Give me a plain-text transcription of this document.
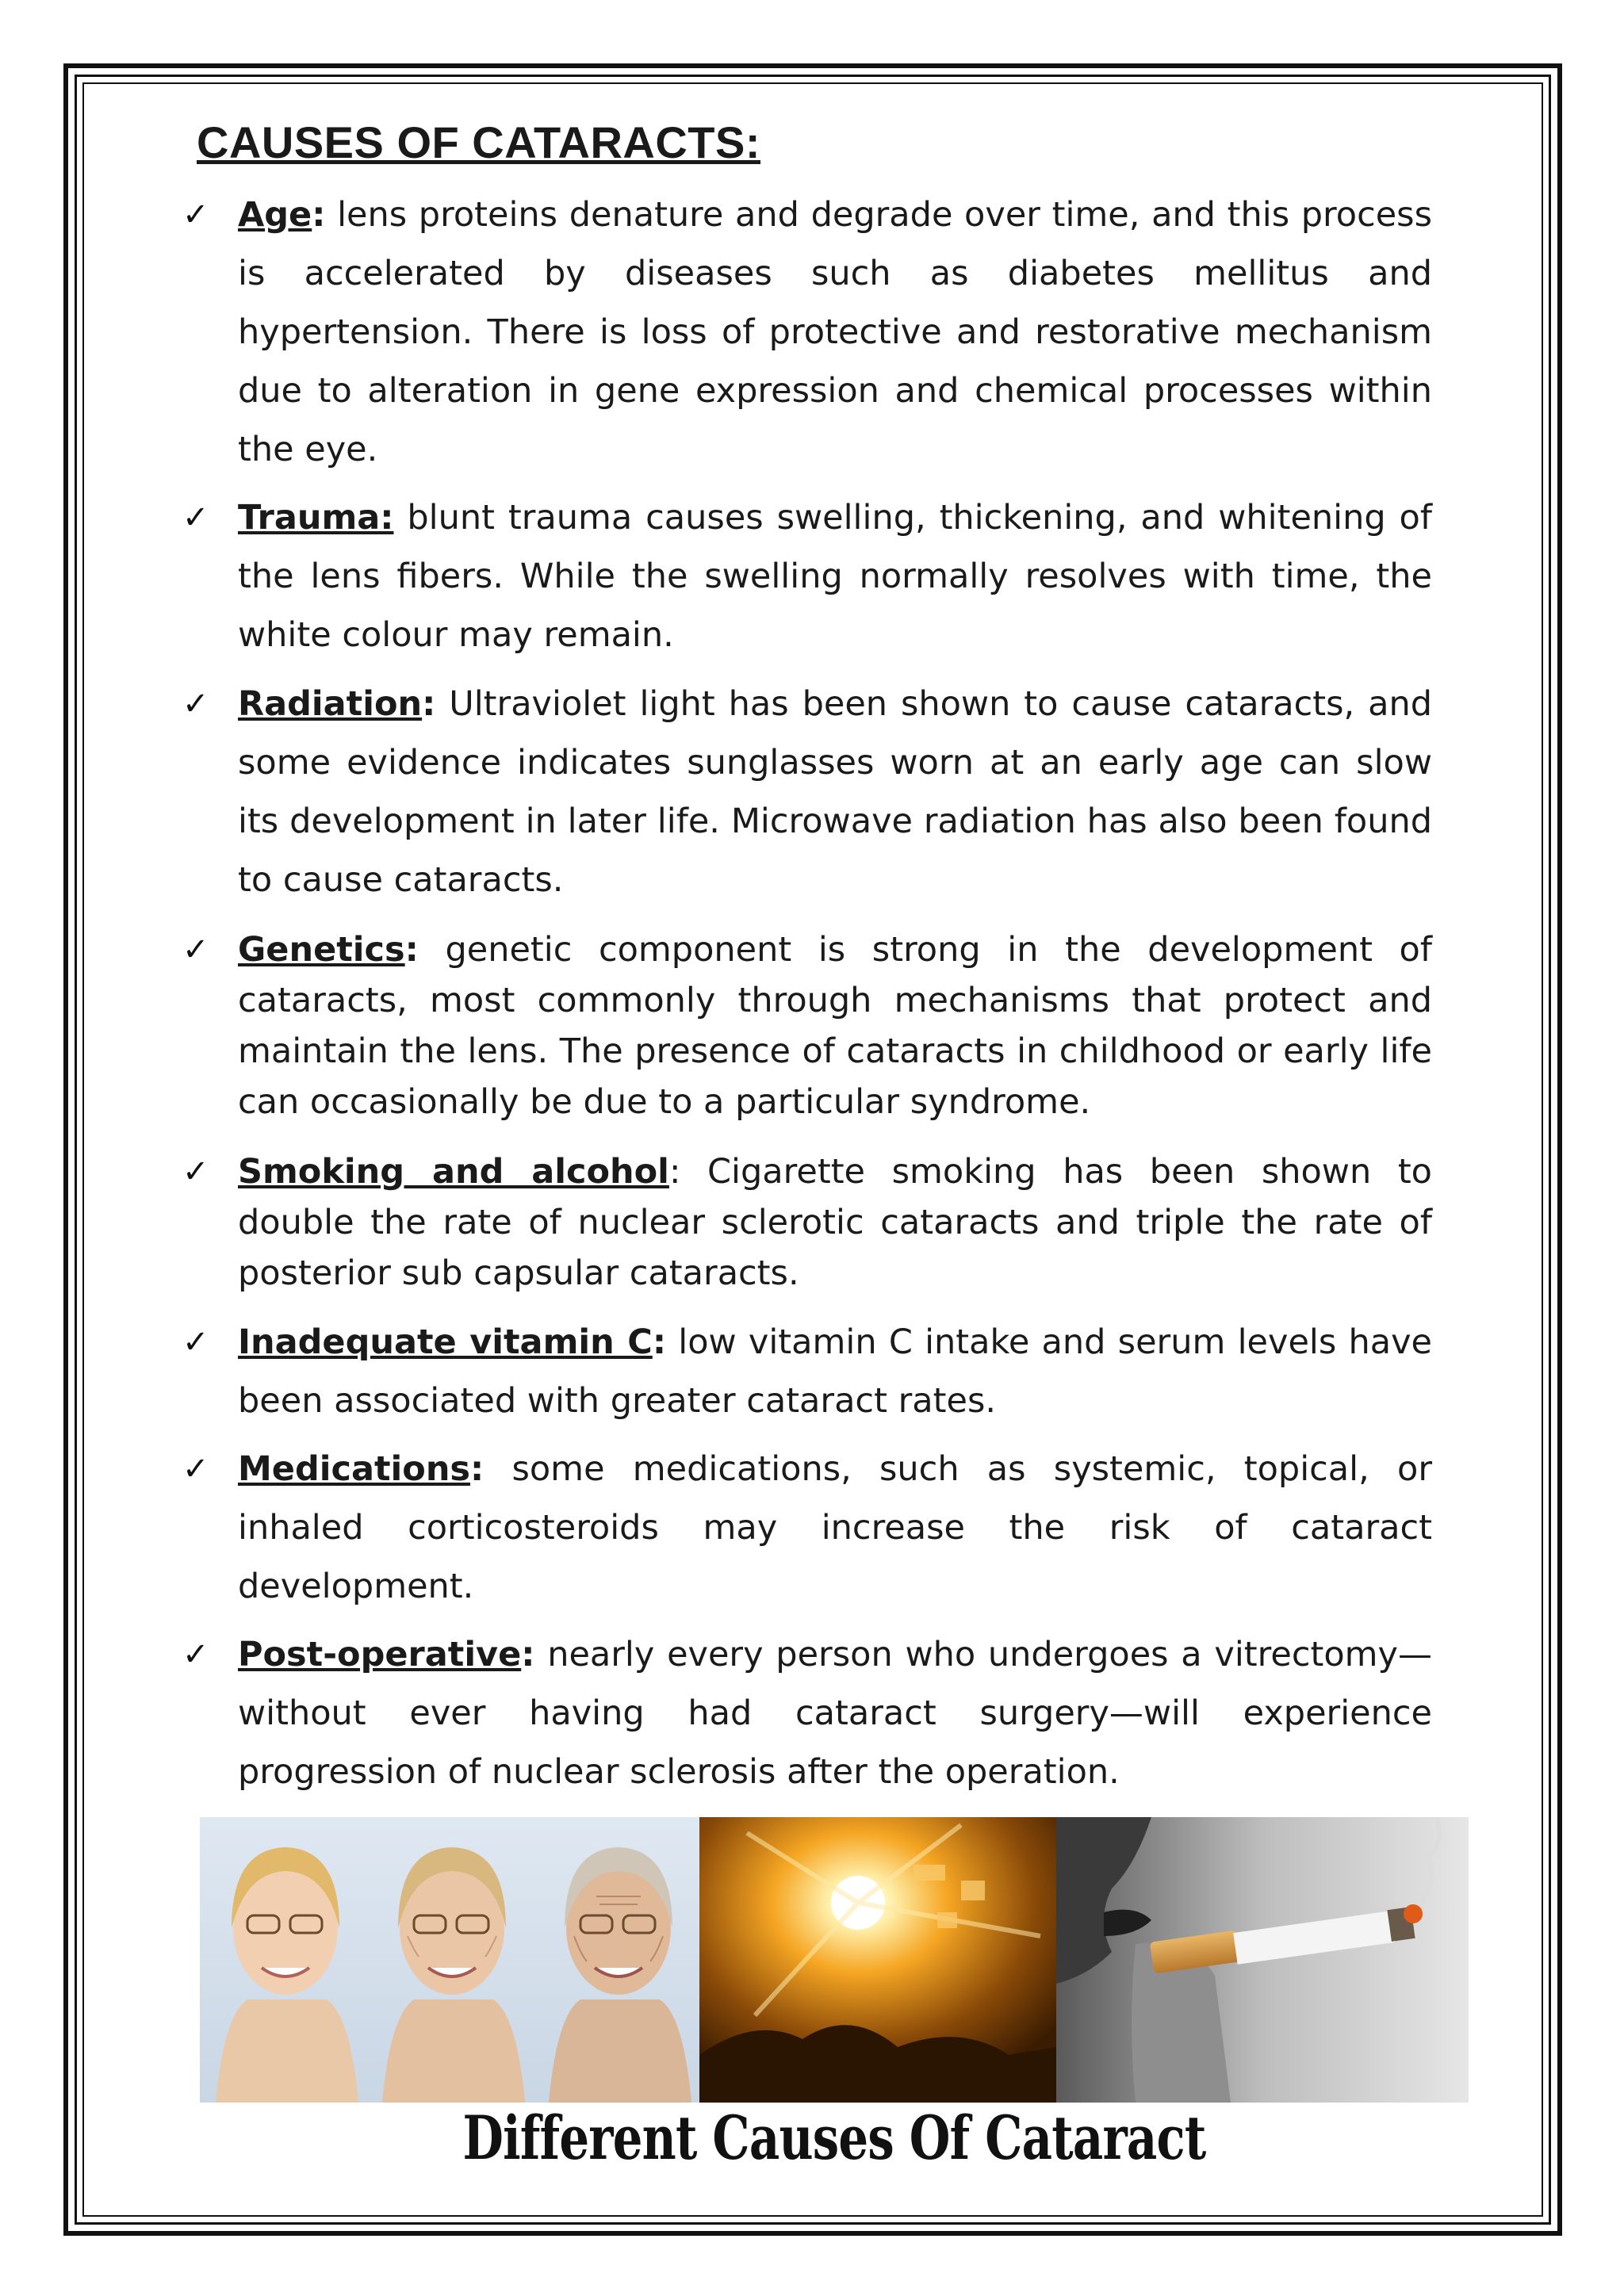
CAUSES OF CATARACTS:
✓ Age: lens proteins denature and degrade over time, and this process is accelerated by diseases such as diabetes mellitus and hypertension. There is loss of protective and restorative mechanism due to alteration in gene expression and chemical processes within the eye.

✓ Trauma: blunt trauma causes swelling, thickening, and whitening of the lens fibers. While the swelling normally resolves with time, the white colour may remain.

✓ Radiation: Ultraviolet light has been shown to cause cataracts, and some evidence indicates sunglasses worn at an early age can slow its development in later life. Microwave radiation has also been found to cause cataracts.

✓ Genetics: genetic component is strong in the development of cataracts, most commonly through mechanisms that protect and maintain the lens. The presence of cataracts in childhood or early life can occasionally be due to a particular syndrome.

✓ Smoking and alcohol: Cigarette smoking has been shown to double the rate of nuclear sclerotic cataracts and triple the rate of posterior sub capsular cataracts.

✓ Inadequate vitamin C: low vitamin C intake and serum levels have been associated with greater cataract rates.

✓ Medications: some medications, such as systemic, topical, or inhaled corticosteroids may increase the risk of cataract development.

✓ Post-operative: nearly every person who undergoes a vitrectomy—without ever having had cataract surgery—will experience progression of nuclear sclerosis after the operation.

Different Causes Of Cataract
